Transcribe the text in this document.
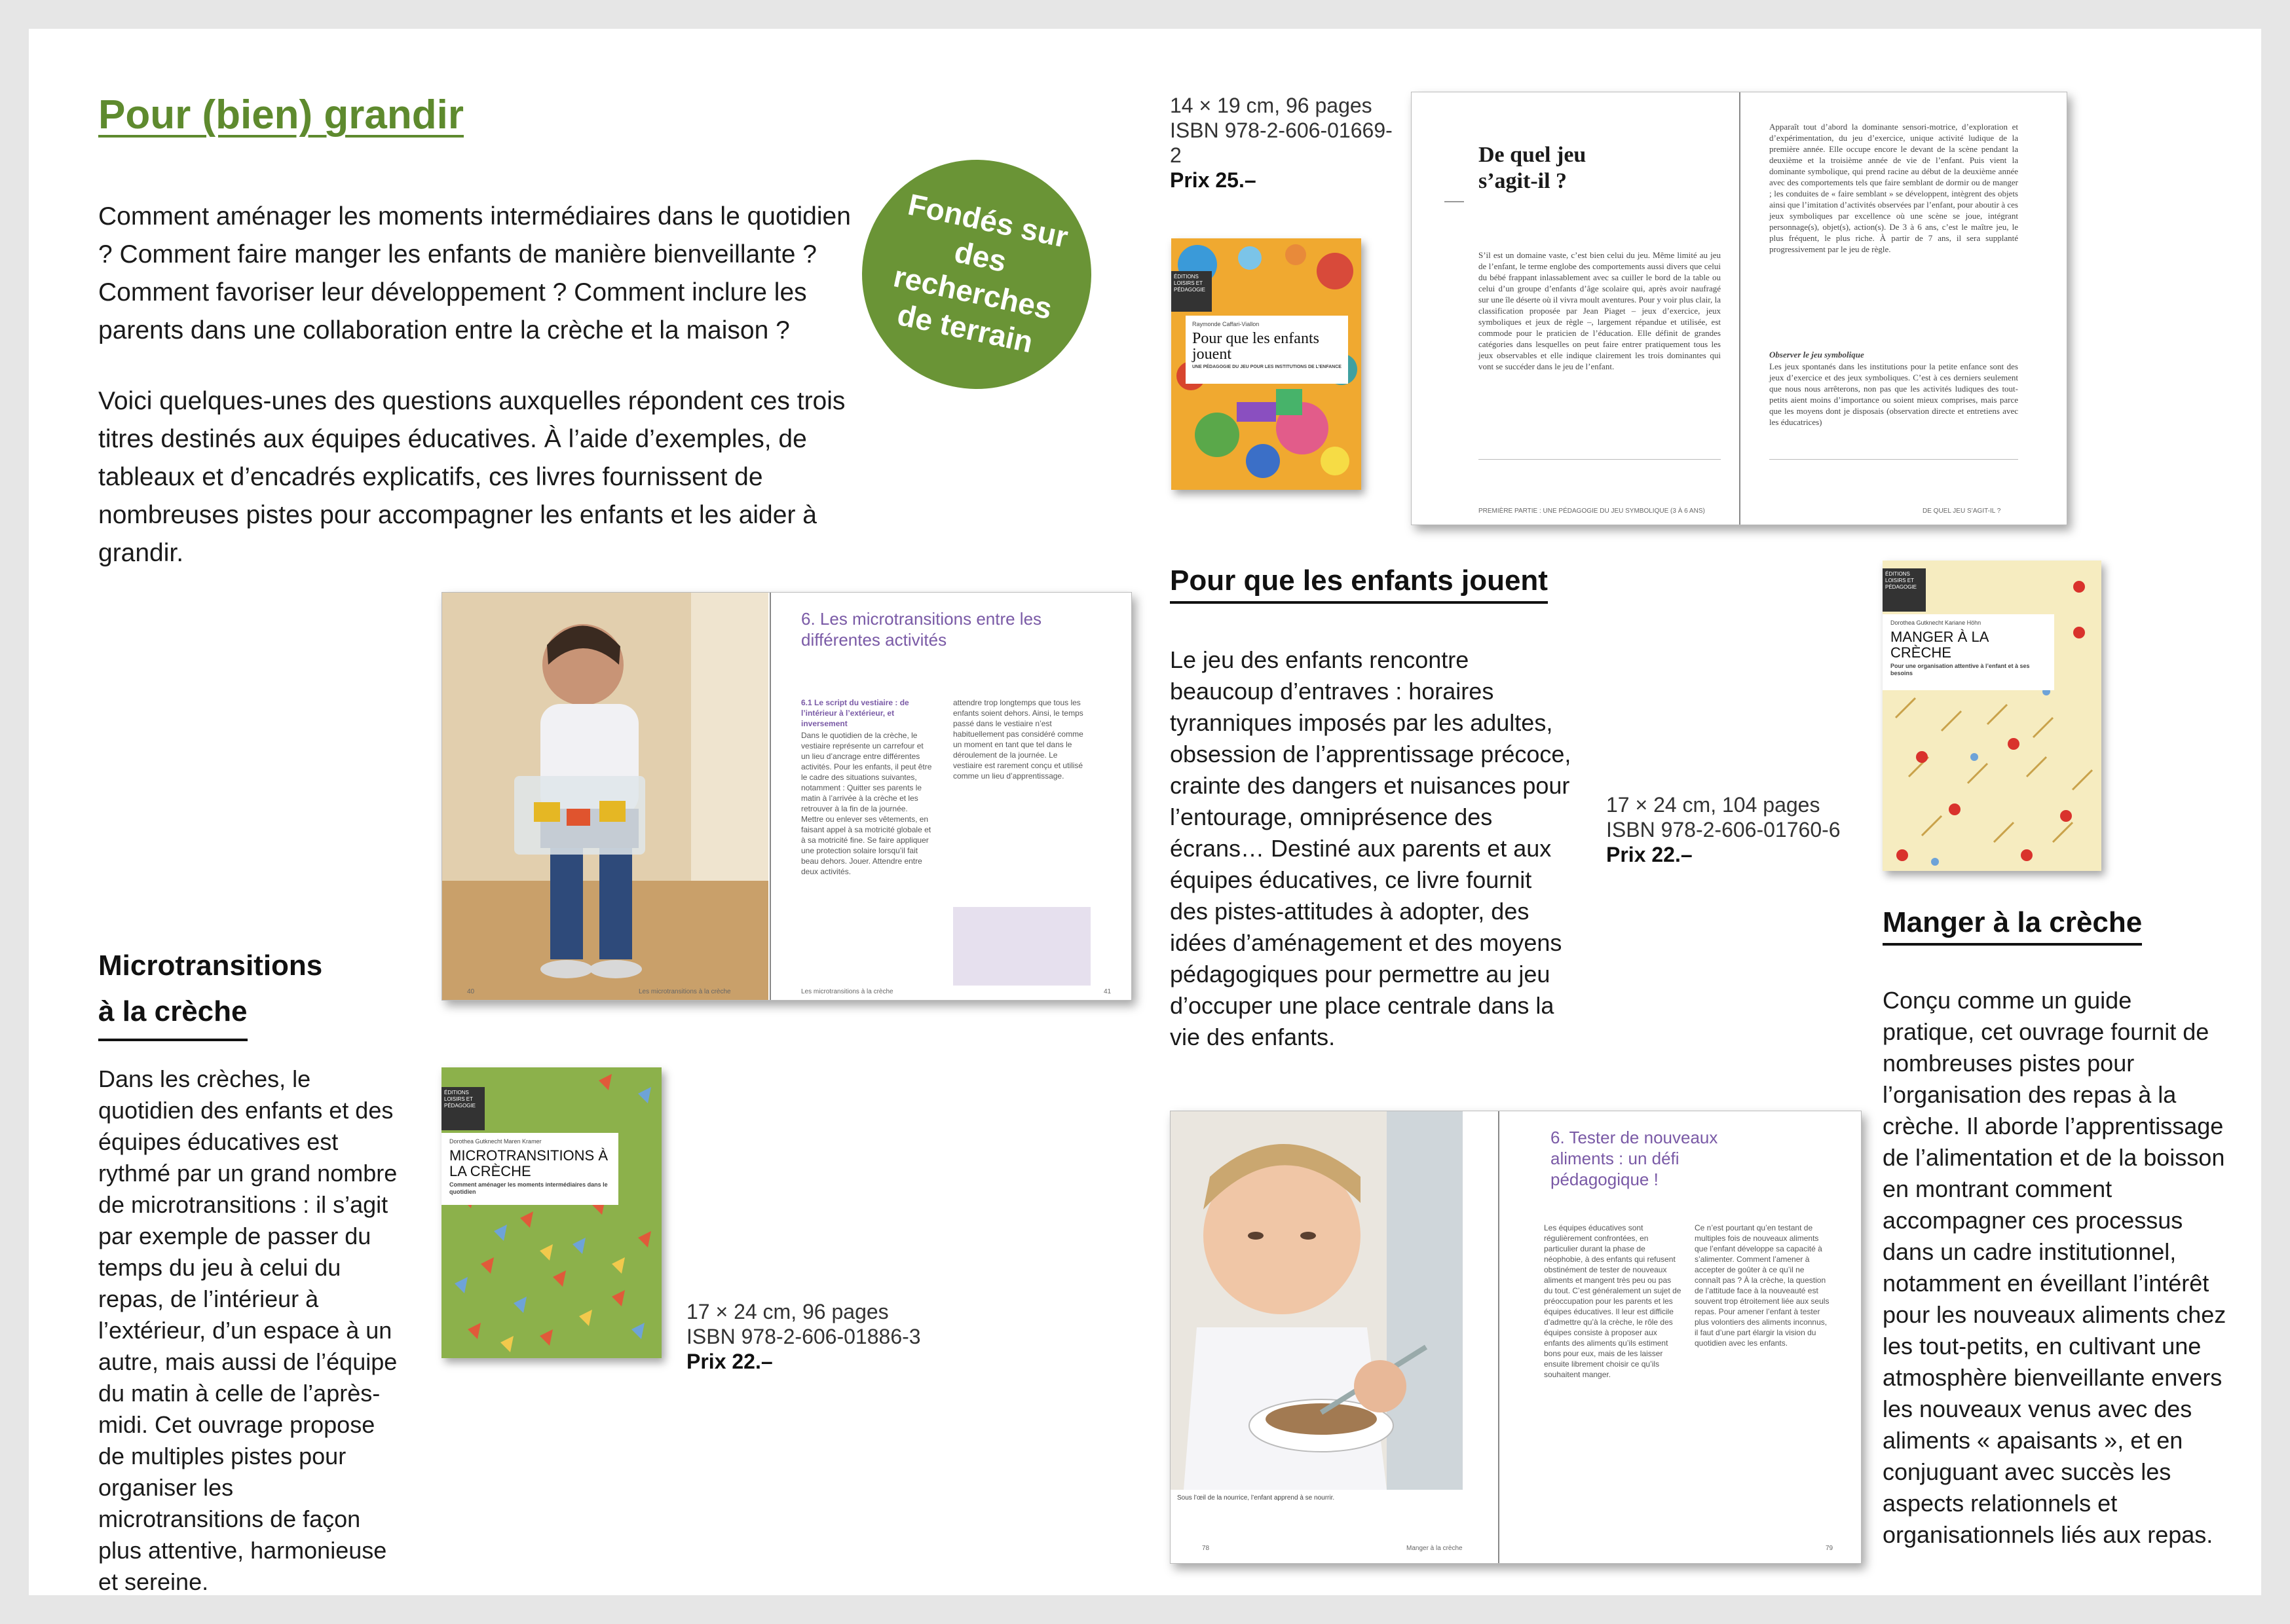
Pour (bien) grandir
Comment aménager les moments intermédiaires dans le quotidien ? Comment faire manger les enfants de manière bienveillante ? Comment favoriser leur développement ? Comment inclure les parents dans une collaboration entre la crèche et la maison ?
Voici quelques-unes des questions auxquelles répondent ces trois titres destinés aux équipes éducatives. À l’aide d’exemples, de tableaux et d’encadrés explicatifs, ces livres fournissent de nombreuses pistes pour accompagner les enfants et les aider à grandir.
Fondés sur des recherches de terrain
14 × 19 cm, 96 pages
ISBN 978-2-606-01669-2
Prix 25.–
ÉDITIONS LOISIRS ET PÉDAGOGIE
Raymonde Caffari-Viallon
Pour que les enfants jouent
UNE PÉDAGOGIE DU JEU POUR LES INSTITUTIONS DE L’ENFANCE
De quel jeu s’agit-il ?
S’il est un domaine vaste, c’est bien celui du jeu. Même limité au jeu de l’enfant, le terme englobe des comportements aussi divers que celui du bébé frappant inlassablement avec sa cuiller le bord de la table ou celui d’un groupe d’enfants d’âge scolaire qui, après avoir naufragé sur une île déserte où il vivra moult aventures. Pour y voir plus clair, la classification proposée par Jean Piaget – jeux d’exercice, jeux symboliques et jeux de règle –, largement répandue et utilisée, est commode pour le praticien de l’éducation. Elle définit de grandes catégories dans lesquelles on peut faire entrer pratiquement tous les jeux observables et elle indique clairement les trois dominantes qui vont se succéder dans le jeu de l’enfant.
PREMIÈRE PARTIE : UNE PÉDAGOGIE DU JEU SYMBOLIQUE (3 À 6 ANS)
Apparaît tout d’abord la dominante sensori-motrice, d’exploration et d’expérimentation, du jeu d’exercice, unique activité ludique de la première année. Elle occupe encore le devant de la scène pendant la deuxième et la troisième année de vie de l’enfant. Puis vient la dominante symbolique, qui prend racine au début de la deuxième année avec des comportements tels que faire semblant de dormir ou de manger ; les conduites de « faire semblant » se développent, intègrent des objets ainsi que l’imitation d’activités observées par l’enfant, pour aboutir à ces jeux symboliques par excellence où une scène se joue, intégrant personnage(s), objet(s), action(s). De 3 à 6 ans, c’est le maître jeu, le plus fréquent, le plus riche. À partir de 7 ans, il sera supplanté progressivement par le jeu de règle.
Observer le jeu symbolique
Les jeux spontanés dans les institutions pour la petite enfance sont des jeux d’exercice et des jeux symboliques. C’est à ces derniers seulement que nous nous arrêterons, non pas que les activités ludiques des tout-petits aient moins d’importance ou soient mieux comprises, mais parce que les moyens dont je disposais (observation directe et entretiens avec les éducatrices)
DE QUEL JEU S’AGIT-IL ?
Pour que les enfants jouent
Le jeu des enfants rencontre beaucoup d’entraves : horaires tyranniques imposés par les adultes, obsession de l’apprentissage précoce, crainte des dangers et nuisances pour l’entourage, omniprésence des écrans… Destiné aux parents et aux équipes éducatives, ce livre fournit des pistes-attitudes à adopter, des idées d’aménagement et des moyens pédagogiques pour permettre au jeu d’occuper une place centrale dans la vie des enfants.
6. Les microtransitions entre les différentes activités
6.1 Le script du vestiaire : de l’intérieur à l’extérieur, et inversement
Dans le quotidien de la crèche, le vestiaire représente un carrefour et un lieu d’ancrage entre différentes activités. Pour les enfants, il peut être le cadre des situations suivantes, notamment : Quitter ses parents le matin à l’arrivée à la crèche et les retrouver à la fin de la journée. Mettre ou enlever ses vêtements, en faisant appel à sa motricité globale et à sa motricité fine. Se faire appliquer une protection solaire lorsqu’il fait beau dehors. Jouer. Attendre entre deux activités.
attendre trop longtemps que tous les enfants soient dehors. Ainsi, le temps passé dans le vestiaire n’est habituellement pas considéré comme un moment en tant que tel dans le déroulement de la journée. Le vestiaire est rarement conçu et utilisé comme un lieu d’apprentissage.
40	Les microtransitions à la crèche	Les microtransitions à la crèche	41
ÉDITIONS LOISIRS ET PÉDAGOGIE
Dorothea Gutknecht Maren Kramer
MICROTRANSITIONS À LA CRÈCHE
Comment aménager les moments intermédiaires dans le quotidien
17 × 24 cm, 96 pages
ISBN 978-2-606-01886-3
Prix 22.–
Microtransitions
à la crèche
Dans les crèches, le quotidien des enfants et des équipes éducatives est rythmé par un grand nombre de microtransitions : il s’agit par exemple de passer du temps du jeu à celui du repas, de l’intérieur à l’extérieur, d’un espace à un autre, mais aussi de l’équipe du matin à celle de l’après-midi. Cet ouvrage propose de multiples pistes pour organiser les microtransitions de façon plus attentive, harmonieuse et sereine.
ÉDITIONS LOISIRS ET PÉDAGOGIE
Dorothea Gutknecht Kariane Höhn
MANGER À LA CRÈCHE
Pour une organisation attentive à l’enfant et à ses besoins
17 × 24 cm, 104 pages
ISBN 978-2-606-01760-6
Prix 22.–
Manger à la crèche
Conçu comme un guide pratique, cet ouvrage fournit de nombreuses pistes pour l’organisation des repas à la crèche. Il aborde l’apprentissage de l’alimentation et de la boisson en montrant comment accompagner ces processus dans un cadre institutionnel, notamment en éveillant l’intérêt pour les nouveaux aliments chez les tout-petits, en cultivant une atmosphère bienveillante envers les nouveaux venus avec des aliments « apaisants », et en conjuguant avec succès les aspects relationnels et organisationnels liés aux repas.
Sous l’œil de la nourrice, l’enfant apprend à se nourrir.
6. Tester de nouveaux aliments : un défi pédagogique !
Les équipes éducatives sont régulièrement confrontées, en particulier durant la phase de néophobie, à des enfants qui refusent obstinément de tester de nouveaux aliments et mangent très peu ou pas du tout. C’est généralement un sujet de préoccupation pour les parents et les équipes éducatives. Il leur est difficile d’admettre qu’à la crèche, le rôle des équipes consiste à proposer aux enfants des aliments qu’ils estiment bons pour eux, mais de les laisser ensuite librement choisir ce qu’ils souhaitent manger.
Ce n’est pourtant qu’en testant de multiples fois de nouveaux aliments que l’enfant développe sa capacité à s’alimenter. Comment l’amener à accepter de goûter à ce qu’il ne connaît pas ? À la crèche, la question de l’attitude face à la nouveauté est souvent trop étroitement liée aux seuls repas. Pour amener l’enfant à tester plus volontiers des aliments inconnus, il faut d’une part élargir la vision du quotidien avec les enfants.
78	Manger à la crèche	79
